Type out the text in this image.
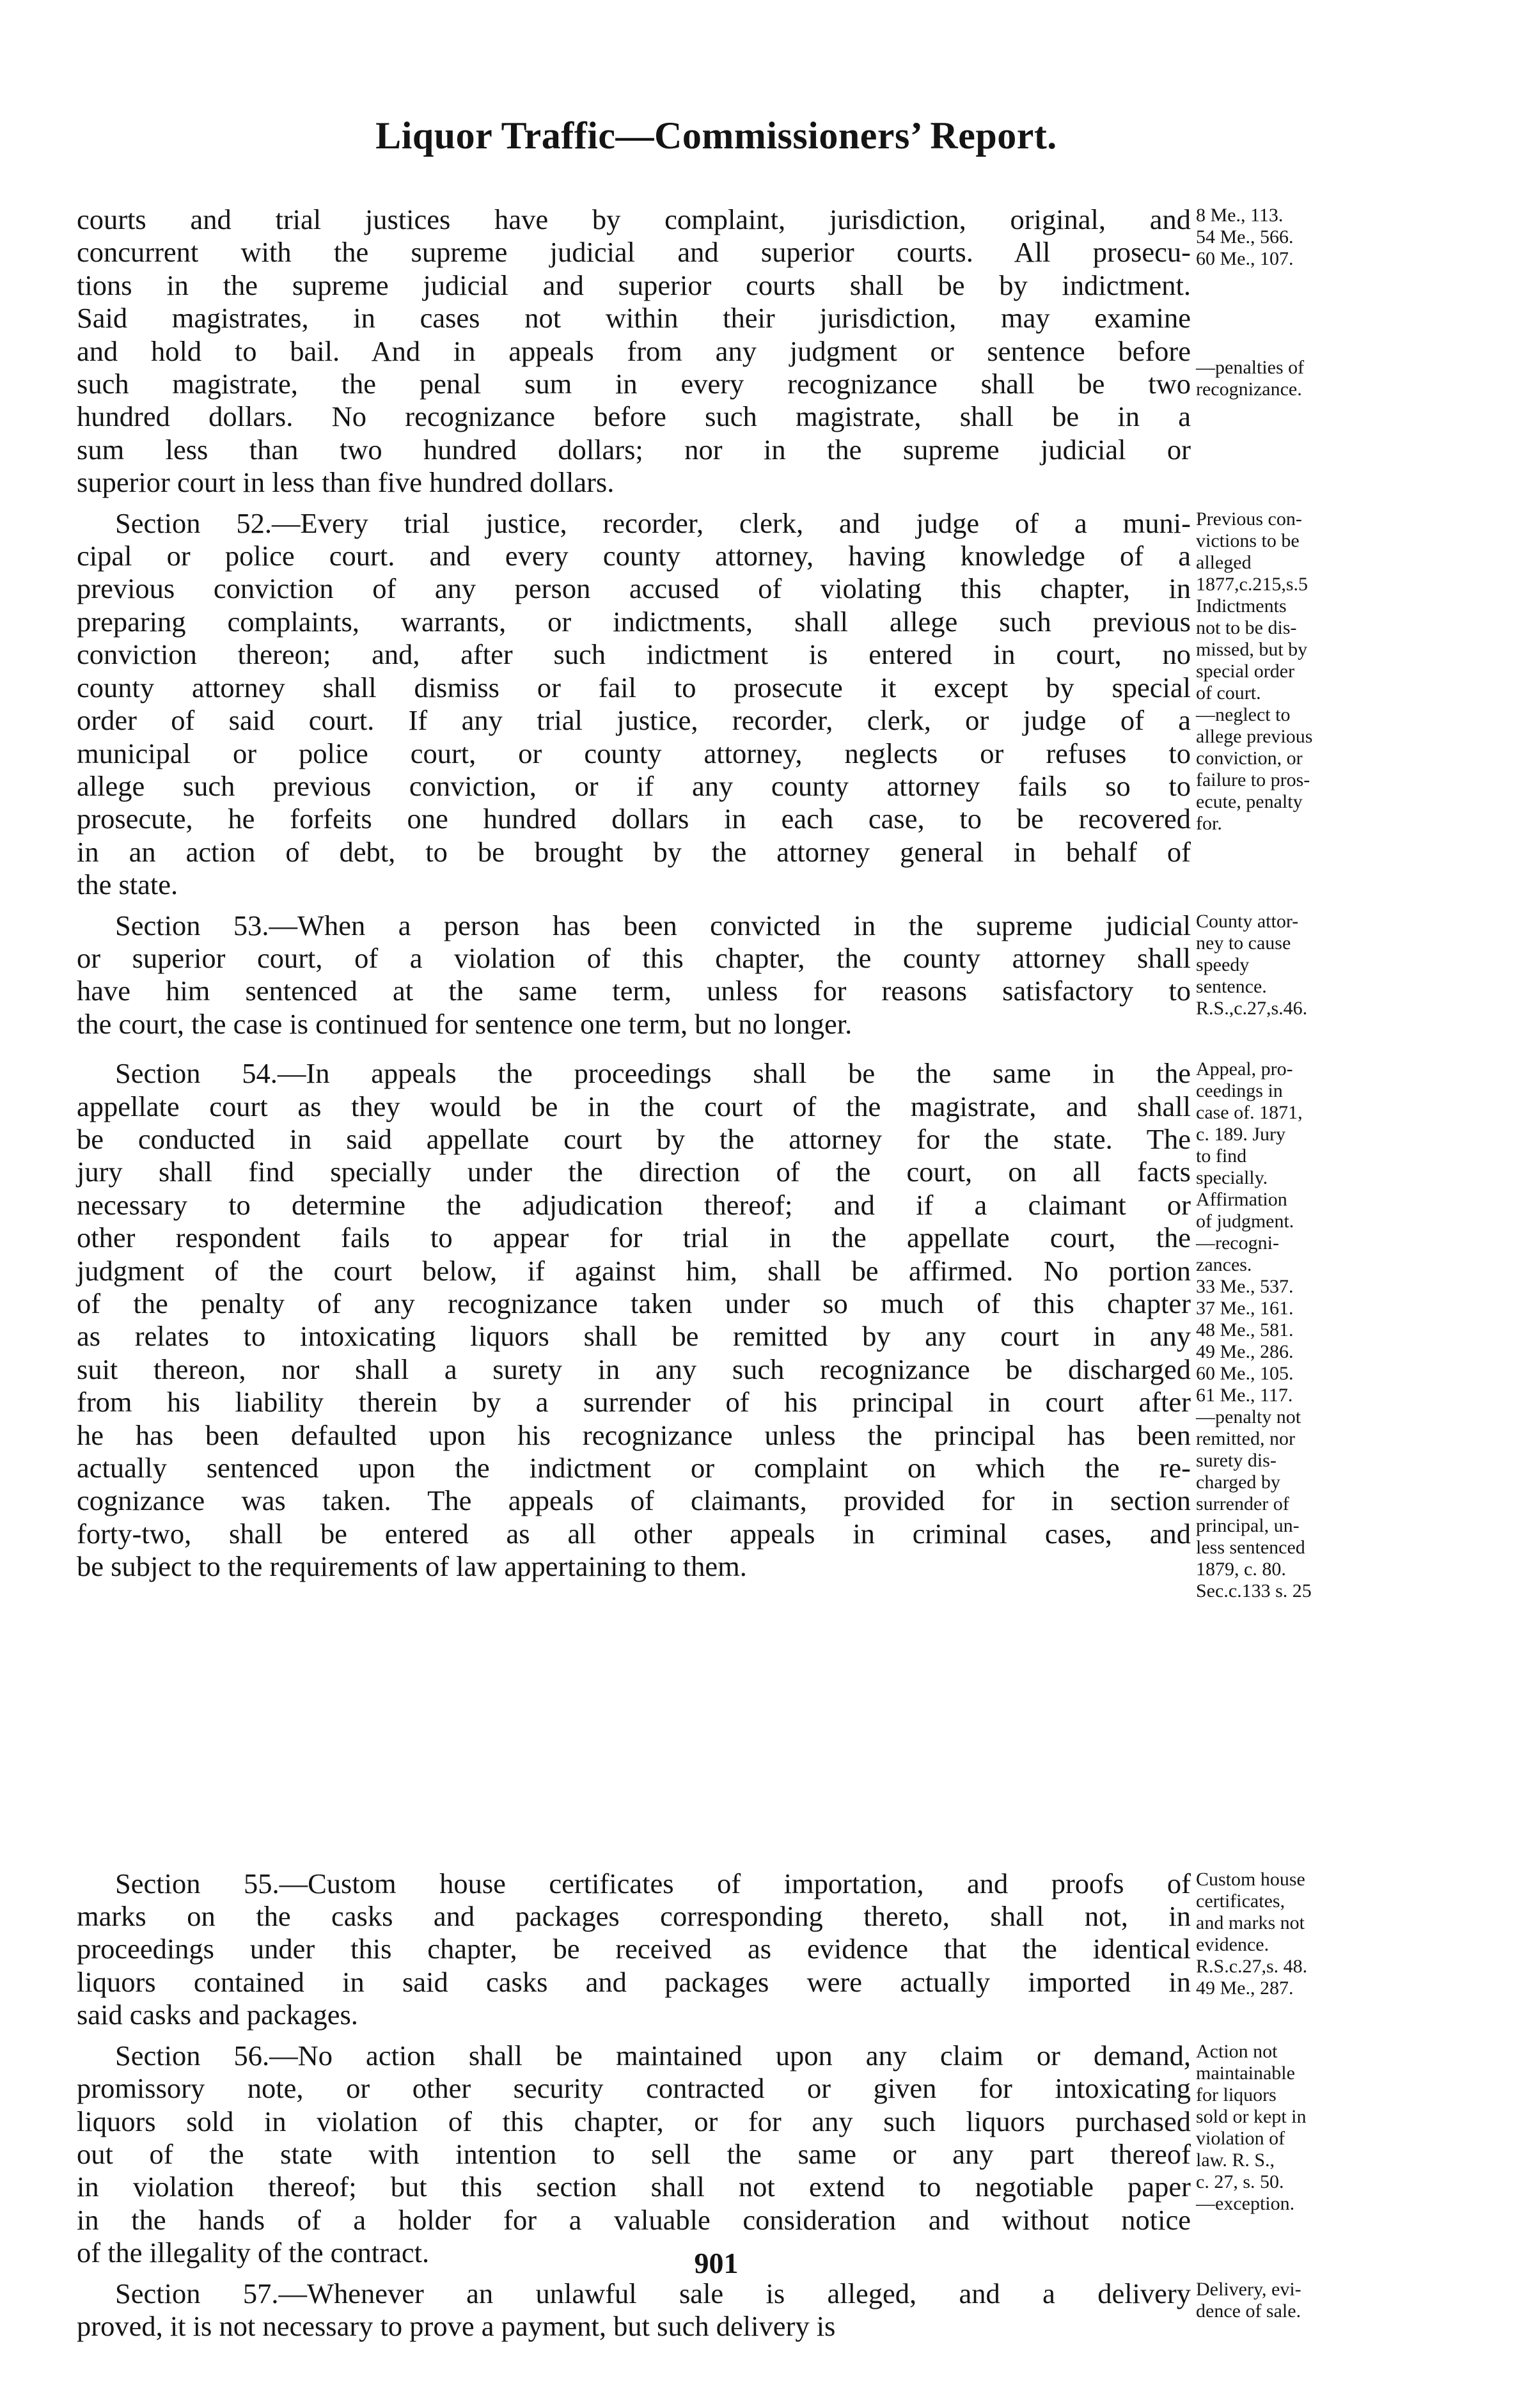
Liquor Traffic—Commissioners’ Report.
courts and trial justices have by complaint, jurisdiction, original, and
concurrent with the supreme judicial and superior courts. All prosecu-
tions in the supreme judicial and superior courts shall be by indictment.
Said magistrates, in cases not within their jurisdiction, may examine
and hold to bail. And in appeals from any judgment or sentence before
such magistrate, the penal sum in every recognizance shall be two
hundred dollars. No recognizance before such magistrate, shall be in a
sum less than two hundred dollars; nor in the supreme judicial or
superior court in less than five hundred dollars.
8 Me., 113.
54 Me., 566.
60 Me., 107.

—penalties of
recognizance.
Section 52.—Every trial justice, recorder, clerk, and judge of a muni-
cipal or police court. and every county attorney, having knowledge of a
previous conviction of any person accused of violating this chapter, in
preparing complaints, warrants, or indictments, shall allege such previous
conviction thereon; and, after such indictment is entered in court, no
county attorney shall dismiss or fail to prosecute it except by special
order of said court. If any trial justice, recorder, clerk, or judge of a
municipal or police court, or county attorney, neglects or refuses to
allege such previous conviction, or if any county attorney fails so to
prosecute, he forfeits one hundred dollars in each case, to be recovered
in an action of debt, to be brought by the attorney general in behalf of
the state.
Previous con-
victions to be
alleged
1877,c.215,s.5
Indictments
not to be dis-
missed, but by
special order
of court.
—neglect to
allege previous
conviction, or
failure to pros-
ecute, penalty
for.
Section 53.—When a person has been convicted in the supreme judicial
or superior court, of a violation of this chapter, the county attorney shall
have him sentenced at the same term, unless for reasons satisfactory to
the court, the case is continued for sentence one term, but no longer.
County attor-
ney to cause
speedy
sentence.
R.S.,c.27,s.46.
Section 54.—In appeals the proceedings shall be the same in the
appellate court as they would be in the court of the magistrate, and shall
be conducted in said appellate court by the attorney for the state. The
jury shall find specially under the direction of the court, on all facts
necessary to determine the adjudication thereof; and if a claimant or
other respondent fails to appear for trial in the appellate court, the
judgment of the court below, if against him, shall be affirmed. No portion
of the penalty of any recognizance taken under so much of this chapter
as relates to intoxicating liquors shall be remitted by any court in any
suit thereon, nor shall a surety in any such recognizance be discharged
from his liability therein by a surrender of his principal in court after
he has been defaulted upon his recognizance unless the principal has been
actually sentenced upon the indictment or complaint on which the re-
cognizance was taken. The appeals of claimants, provided for in section
forty-two, shall be entered as all other appeals in criminal cases, and
be subject to the requirements of law appertaining to them.
Appeal, pro-
ceedings in
case of. 1871,
c. 189. Jury
to find
specially.
Affirmation
of judgment.
—recogni-
zances.
33 Me., 537.
37 Me., 161.
48 Me., 581.
49 Me., 286.
60 Me., 105.
61 Me., 117.
—penalty not
remitted, nor
surety dis-
charged by
surrender of
principal, un-
less sentenced
1879, c. 80.
Sec.c.133 s. 25
Section 55.—Custom house certificates of importation, and proofs of
marks on the casks and packages corresponding thereto, shall not, in
proceedings under this chapter, be received as evidence that the identical
liquors contained in said casks and packages were actually imported in
said casks and packages.
Custom house
certificates,
and marks not
evidence.
R.S.c.27,s. 48.
49 Me., 287.
Section 56.—No action shall be maintained upon any claim or demand,
promissory note, or other security contracted or given for intoxicating
liquors sold in violation of this chapter, or for any such liquors purchased
out of the state with intention to sell the same or any part thereof
in violation thereof; but this section shall not extend to negotiable paper
in the hands of a holder for a valuable consideration and without notice
of the illegality of the contract.
Action not
maintainable
for liquors
sold or kept in
violation of
law. R. S.,
c. 27, s. 50.
—exception.
Section 57.—Whenever an unlawful sale is alleged, and a delivery
proved, it is not necessary to prove a payment, but such delivery is
Delivery, evi-
dence of sale.
901
